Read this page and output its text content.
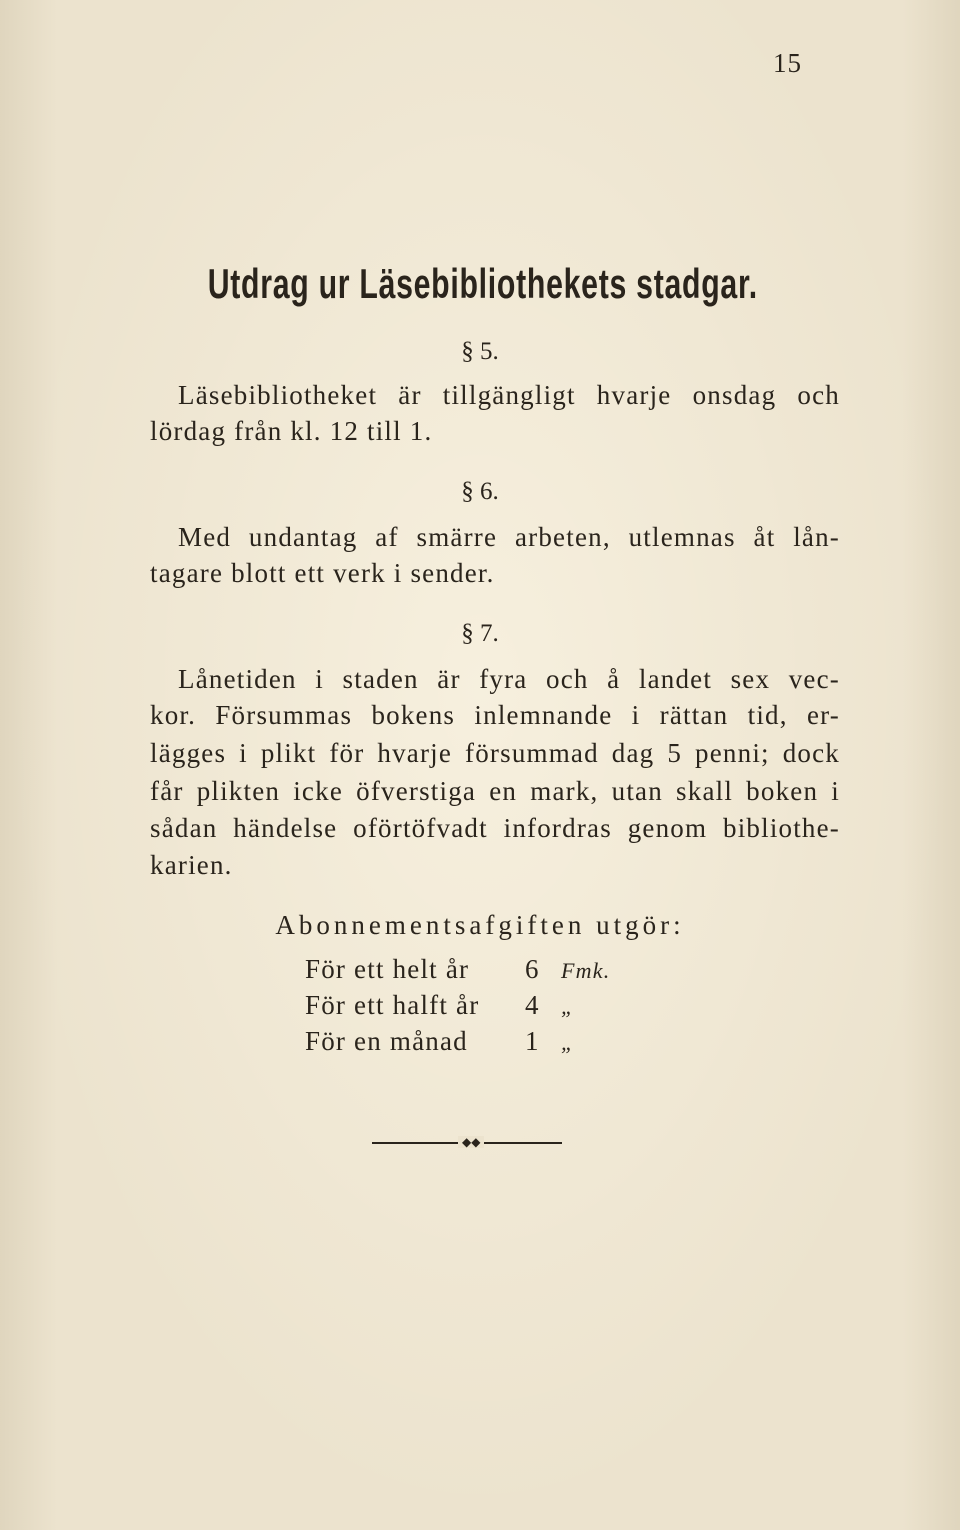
15
Utdrag ur Läsebibliothekets stadgar.
§ 5.
Läsebibliotheket är tillgängligt hvarje onsdag och
lördag från kl. 12 till 1.
§ 6.
Med undantag af smärre arbeten, utlemnas åt lån-
tagare blott ett verk i sender.
§ 7.
Lånetiden i staden är fyra och å landet sex vec-
kor. Försummas bokens inlemnande i rättan tid, er-
lägges i plikt för hvarje försummad dag 5 penni; dock
får plikten icke öfverstiga en mark, utan skall boken i
sådan händelse oförtöfvadt infordras genom bibliothe-
karien.
Abonnementsafgiften utgör:
För ett helt år 6 Fmk.
För ett halft år 4 „
För en månad 1 „
◆◆
